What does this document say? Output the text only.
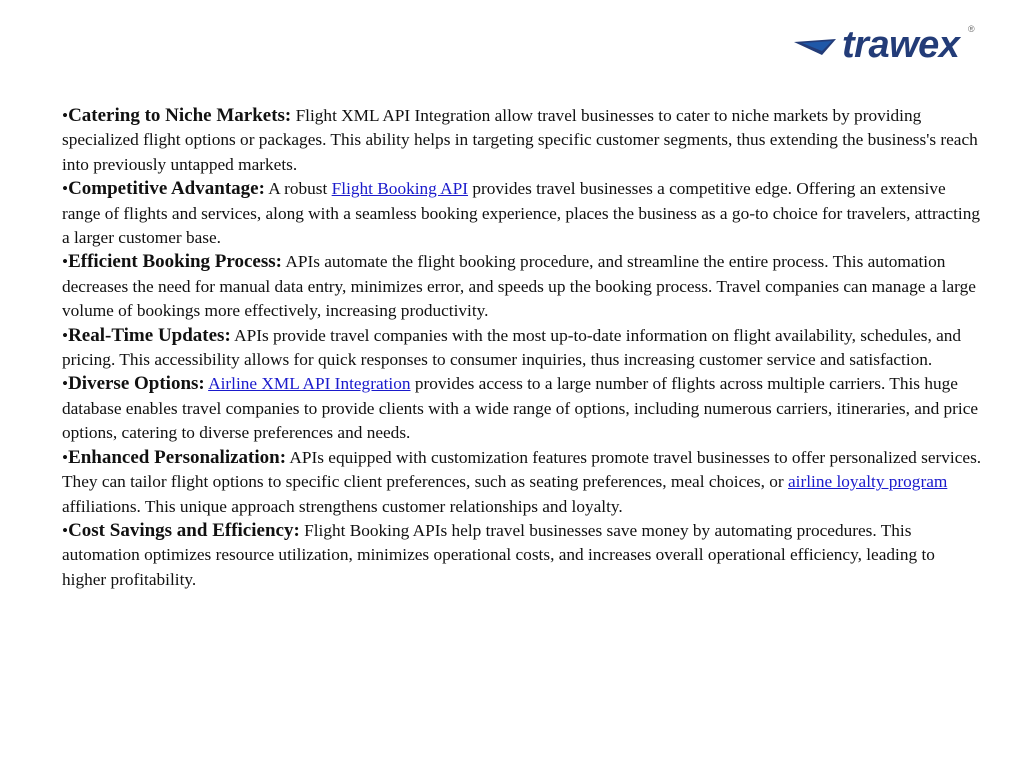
trawex ®

•Catering to Niche Markets: Flight XML API Integration allow travel businesses to cater to niche markets by providing specialized flight options or packages. This ability helps in targeting specific customer segments, thus extending the business's reach into previously untapped markets.

•Competitive Advantage: A robust Flight Booking API provides travel businesses a competitive edge. Offering an extensive range of flights and services, along with a seamless booking experience, places the business as a go-to choice for travelers, attracting a larger customer base.

•Efficient Booking Process: APIs automate the flight booking procedure, and streamline the entire process. This automation decreases the need for manual data entry, minimizes error, and speeds up the booking process. Travel companies can manage a large volume of bookings more effectively, increasing productivity.

•Real-Time Updates: APIs provide travel companies with the most up-to-date information on flight availability, schedules, and pricing. This accessibility allows for quick responses to consumer inquiries, thus increasing customer service and satisfaction.

•Diverse Options: Airline XML API Integration provides access to a large number of flights across multiple carriers. This huge database enables travel companies to provide clients with a wide range of options, including numerous carriers, itineraries, and price options, catering to diverse preferences and needs.

•Enhanced Personalization: APIs equipped with customization features promote travel businesses to offer personalized services. They can tailor flight options to specific client preferences, such as seating preferences, meal choices, or airline loyalty program affiliations. This unique approach strengthens customer relationships and loyalty.

•Cost Savings and Efficiency: Flight Booking APIs help travel businesses save money by automating procedures. This automation optimizes resource utilization, minimizes operational costs, and increases overall operational efficiency, leading to higher profitability.
